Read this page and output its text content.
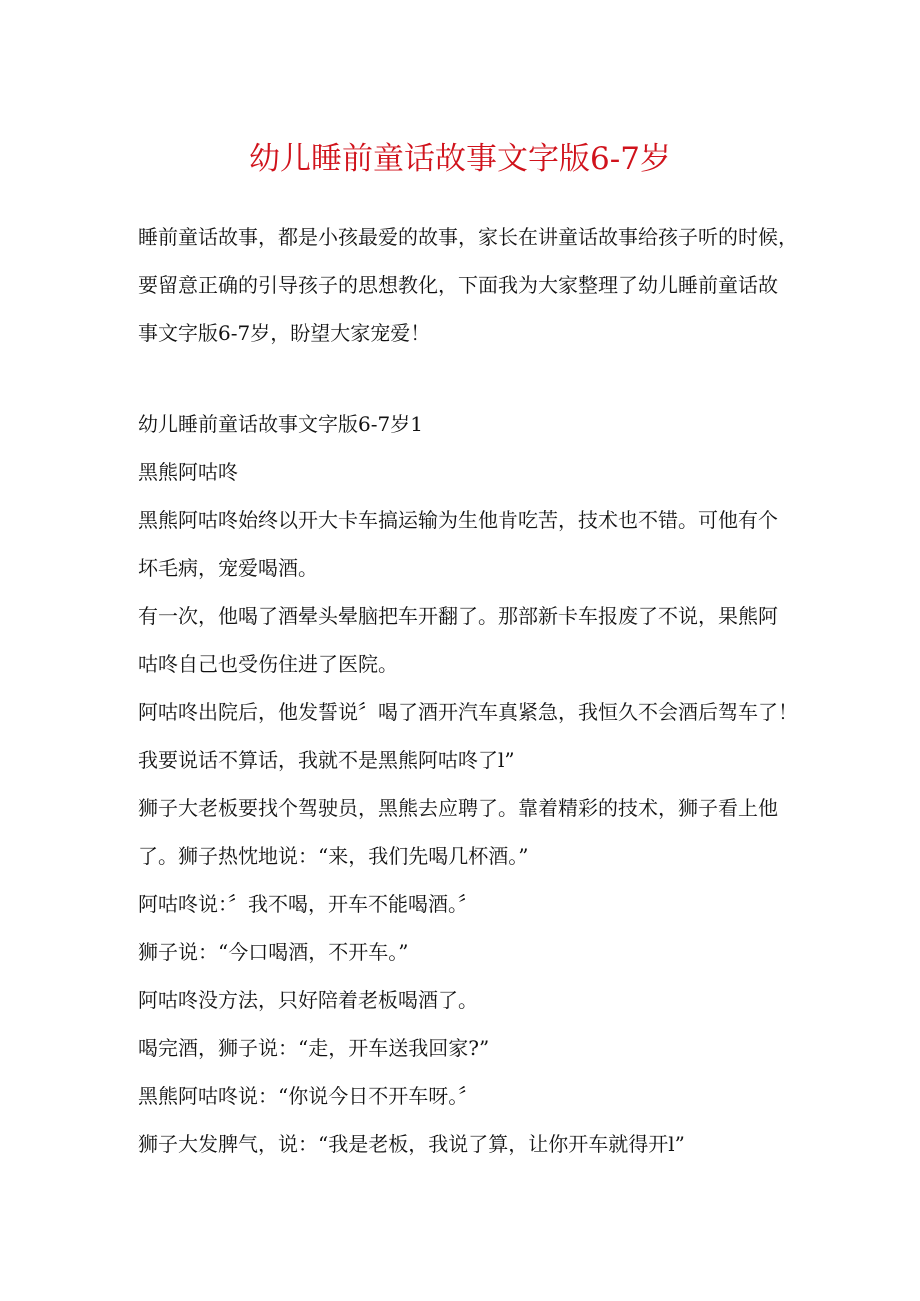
幼儿睡前童话故事文字版6-7岁
睡前童话故事，都是小孩最爱的故事，家长在讲童话故事给孩子听的时候，
要留意正确的引导孩子的思想教化，下面我为大家整理了幼儿睡前童话故
事文字版6-7岁，盼望大家宠爱！
幼儿睡前童话故事文字版6-7岁1
黑熊阿咕咚
黑熊阿咕咚始终以开大卡车搞运输为生他肯吃苦，技术也不错。可他有个
坏毛病，宠爱喝酒。
有一次，他喝了酒晕头晕脑把车开翻了。那部新卡车报废了不说，果熊阿
咕咚自己也受伤住进了医院。
阿咕咚出院后，他发誓说〞喝了酒开汽车真紧急，我恒久不会酒后驾车了！
我要说话不算话，我就不是黑熊阿咕咚了l”
狮子大老板要找个驾驶员，黑熊去应聘了。靠着精彩的技术，狮子看上他
了。狮子热忱地说：“来，我们先喝几杯酒。”
阿咕咚说：〞我不喝，开车不能喝酒。〞
狮子说：“今口喝酒，不开车。”
阿咕咚没方法，只好陪着老板喝酒了。
喝完酒，狮子说：“走，开车送我回家?”
黑熊阿咕咚说：“你说今日不开车呀。〞
狮子大发脾气，说：“我是老板，我说了算，让你开车就得开l”
